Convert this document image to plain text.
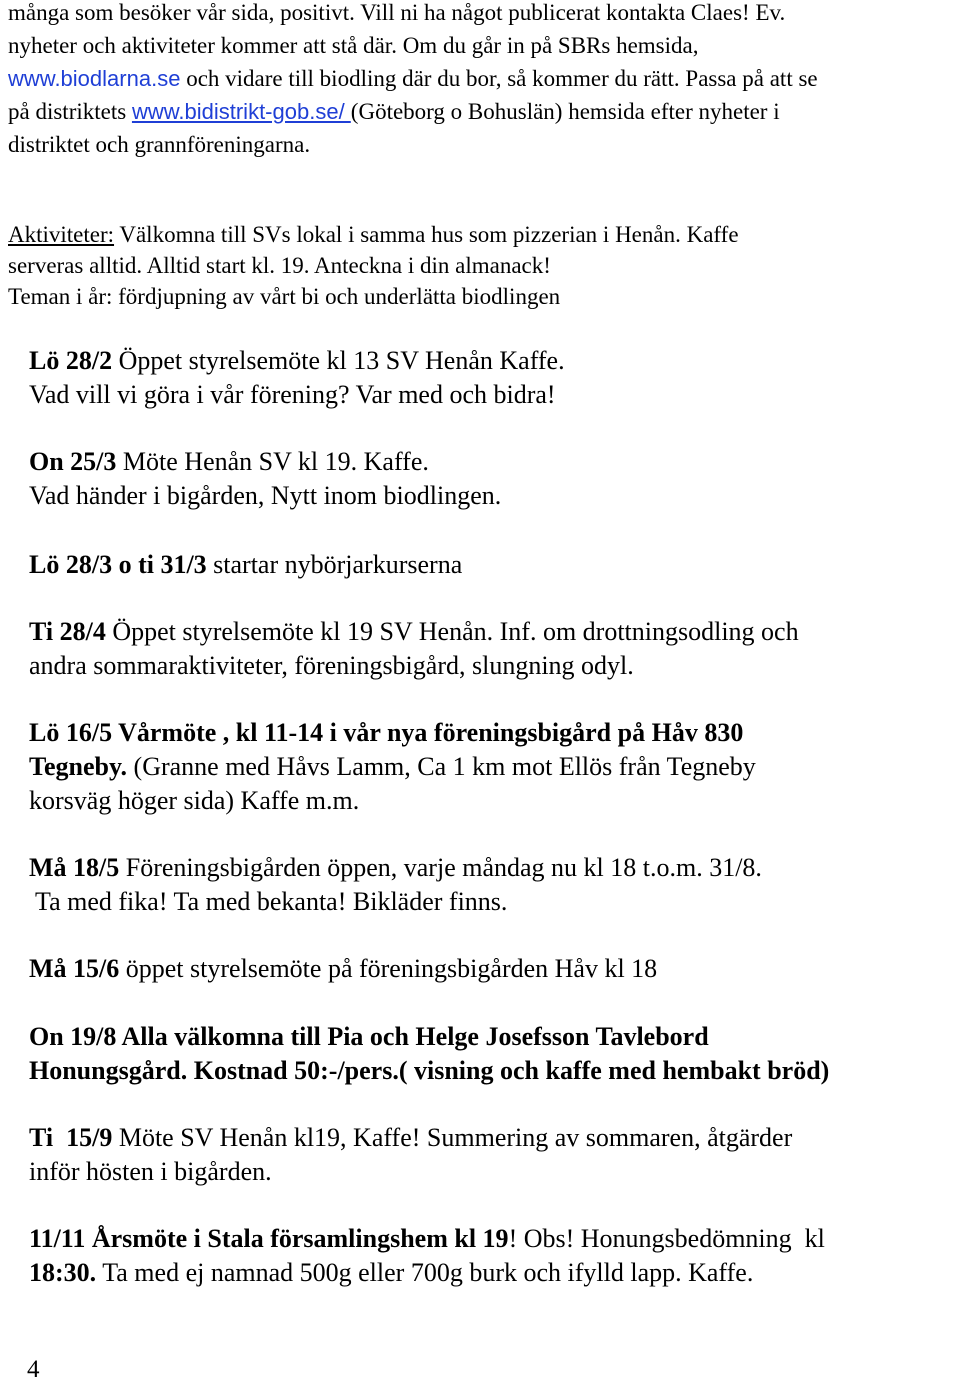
många som besöker vår sida, positivt. Vill ni ha något publicerat kontakta Claes! Ev.

nyheter och aktiviteter kommer att stå där. Om du går in på SBRs hemsida,

www.biodlarna.se och vidare till biodling där du bor, så kommer du rätt. Passa på att se

på distriktets www.bidistrikt-gob.se/ (Göteborg o Bohuslän) hemsida efter nyheter i

distriktet och grannföreningarna.

Aktiviteter: Välkomna till SVs lokal i samma hus som pizzerian i Henån. Kaffe

serveras alltid. Alltid start kl. 19. Anteckna i din almanack!

Teman i år: fördjupning av vårt bi och underlätta biodlingen

Lö 28/2 Öppet styrelsemöte kl 13 SV Henån Kaffe.

Vad vill vi göra i vår förening? Var med och bidra!

On 25/3 Möte Henån SV kl 19. Kaffe.

Vad händer i bigården, Nytt inom biodlingen.

Lö 28/3 o ti 31/3 startar nybörjarkurserna

Ti 28/4 Öppet styrelsemöte kl 19 SV Henån. Inf. om drottningsodling och

andra sommaraktiviteter, föreningsbigård, slungning odyl.

Lö 16/5 Vårmöte , kl 11-14 i vår nya föreningsbigård på Håv 830

Tegneby. (Granne med Håvs Lamm, Ca 1 km mot Ellös från Tegneby

korsväg höger sida) Kaffe m.m.

Må 18/5 Föreningsbigården öppen, varje måndag nu kl 18 t.o.m. 31/8.

Ta med fika! Ta med bekanta! Bikläder finns.

Må 15/6 öppet styrelsemöte på föreningsbigården Håv kl 18

On 19/8 Alla välkomna till Pia och Helge Josefsson Tavlebord

Honungsgård. Kostnad 50:-/pers.( visning och kaffe med hembakt bröd)

Ti  15/9 Möte SV Henån kl19, Kaffe! Summering av sommaren, åtgärder

inför hösten i bigården.

11/11 Årsmöte i Stala församlingshem kl 19! Obs! Honungsbedömning  kl

18:30. Ta med ej namnad 500g eller 700g burk och ifylld lapp. Kaffe.

4
